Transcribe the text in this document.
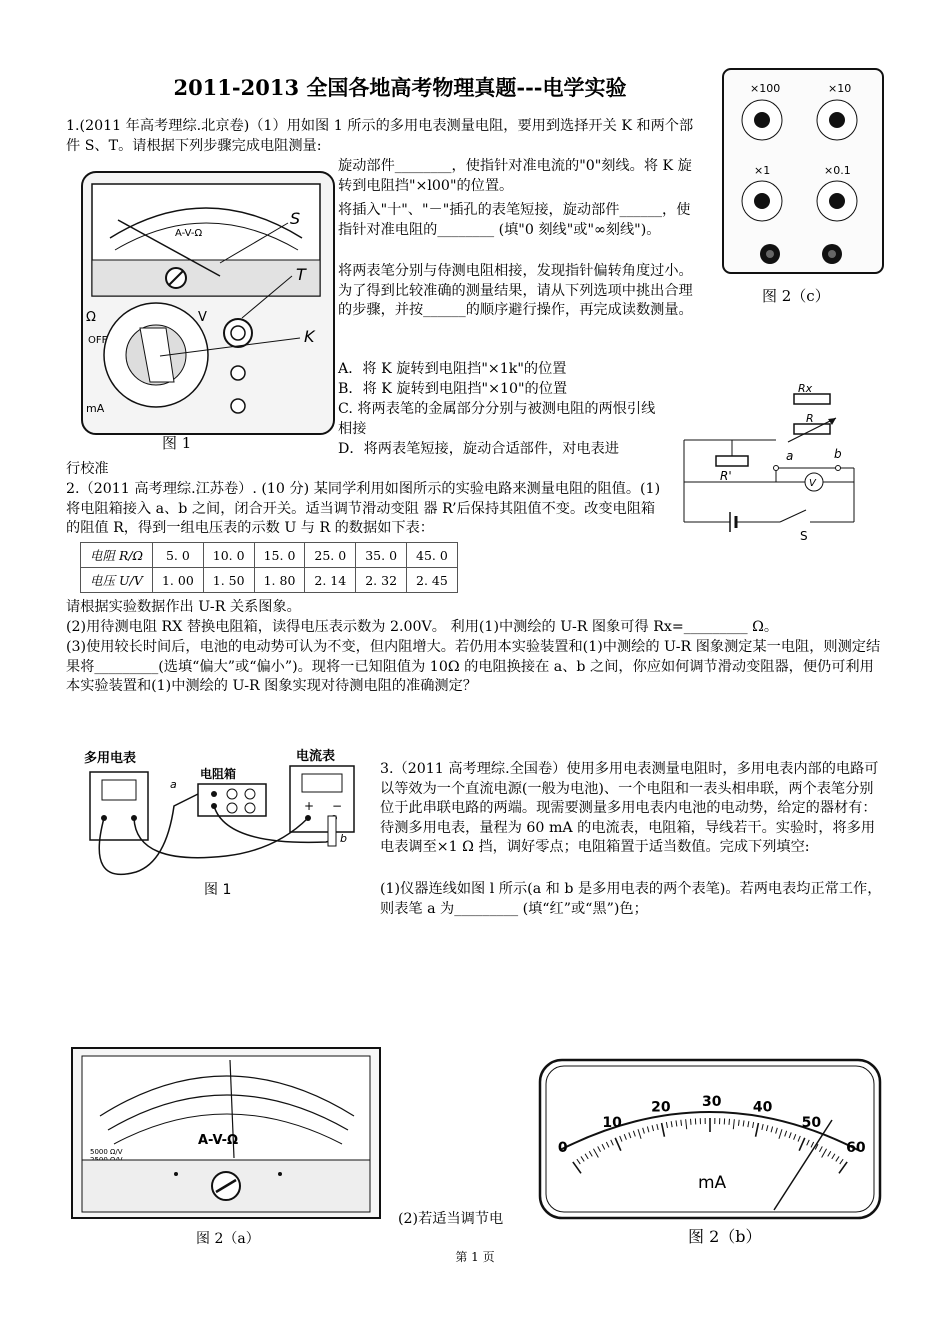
2011-2013 全国各地高考物理真题---电学实验
1.(2011 年高考理综.北京卷)（1）用如图 1 所示的多用电表测量电阻，要用到选择开关 K 和两个部件 S、T。请根据下列步骤完成电阻测量:
A-V-Ω
Ω	V
OFF
mA
S
T
K
图 1
旋动部件________，使指针对准电流的"0"刻线。将 K 旋转到电阻挡"×l00"的位置。
将插入"十"、"－"插孔的表笔短接，旋动部件______，使指针对准电阻的________ (填"0 刻线"或"∞刻线")。
将两表笔分别与侍测电阻相接，发现指针偏转角度过小。为了得到比较准确的测量结果，请从下列选项中挑出合理的步骤，并按______的顺序避行操作，再完成读数测量。
A．将 K 旋转到电阻挡"×1k"的位置
B．将 K 旋转到电阻挡"×10"的位置
C. 将两表笔的金属部分分别与被测电阻的两恨引线相接
D．将两表笔短接，旋动合适部件，对电表进
行校准
×100	×10
×1	×0.1
图 2（c）
Rx
R
V
R'
a	b
S
2.（2011 高考理综.江苏卷）. (10 分) 某同学利用如图所示的实验电路来测量电阻的阻值。(1)将电阻箱接入 a、b 之间，闭合开关。适当调节滑动变阻 器 R’后保持其阻值不变。改变电阻箱的阻值 R，得到一组电压表的示数 U 与 R 的数据如下表：
电阻 R/Ω	5. 0	10. 0	15. 0	25. 0	35. 0	45. 0
电压 U/V	1. 00	1. 50	1. 80	2. 14	2. 32	2. 45
请根据实验数据作出 U-R 关系图象。
(2)用待测电阻 RX 替换电阻箱，读得电压表示数为 2.00V。 利用(1)中测绘的 U-R 图象可得 Rx=_________ Ω。
(3)使用较长时间后，电池的电动势可认为不变，但内阻增大。若仍用本实验装置和(1)中测绘的 U-R 图象测定某一电阻，则测定结果将_________(选填“偏大”或“偏小”)。现将一已知阻值为 10Ω 的电阻换接在 a、b 之间，你应如何调节滑动变阻器，便仍可利用本实验装置和(1)中测绘的 U-R 图象实现对待测电阻的准确测定？
多用电表
电阻箱
电流表
+ −
a
b
图 1
3.（2011 高考理综.全国卷）使用多用电表测量电阻时，多用电表内部的电路可以等效为一个直流电源(一般为电池)、一个电阻和一表头相串联，两个表笔分别位于此串联电路的两端。现需要测量多用电表内电池的电动势，给定的器材有：待测多用电表，量程为 60 mA 的电流表，电阻箱，导线若干。实验时，将多用电表调至×1 Ω 挡，调好零点；电阻箱置于适当数值。完成下列填空:
(1)仪器连线如图 l 所示(a 和 b 是多用电表的两个表笔)。若两电表均正常工作，则表笔 a 为_________ (填“红”或“黑”)色；
A-V-Ω
5000 Ω/V
图 2（a）
(2)若适当调节电
0
10
20 30 40
50
60
mA
图 2（b）
第 1 页
